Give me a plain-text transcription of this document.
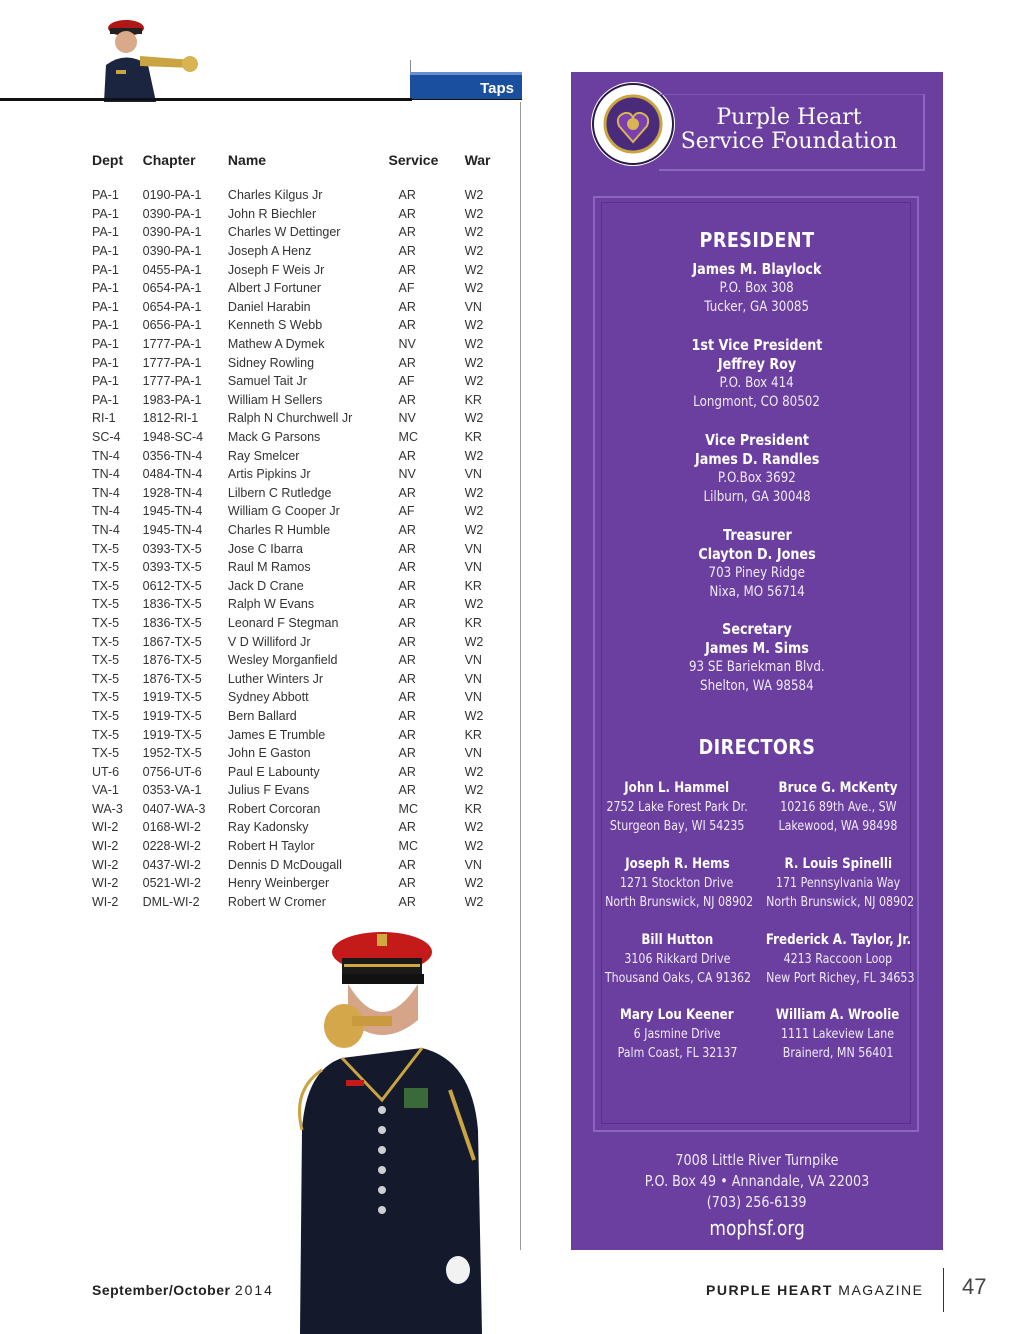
Taps
Dept	Chapter	Name	Service	War
PA-1	0190-PA-1	Charles Kilgus Jr	AR	W2
PA-1	0390-PA-1	John R Biechler	AR	W2
PA-1	0390-PA-1	Charles W Dettinger	AR	W2
PA-1	0390-PA-1	Joseph A Henz	AR	W2
PA-1	0455-PA-1	Joseph F Weis Jr	AR	W2
PA-1	0654-PA-1	Albert J Fortuner	AF	W2
PA-1	0654-PA-1	Daniel Harabin	AR	VN
PA-1	0656-PA-1	Kenneth S Webb	AR	W2
PA-1	1777-PA-1	Mathew A Dymek	NV	W2
PA-1	1777-PA-1	Sidney Rowling	AR	W2
PA-1	1777-PA-1	Samuel Tait Jr	AF	W2
PA-1	1983-PA-1	William H Sellers	AR	KR
RI-1	1812-RI-1	Ralph N Churchwell Jr	NV	W2
SC-4	1948-SC-4	Mack G Parsons	MC	KR
TN-4	0356-TN-4	Ray Smelcer	AR	W2
TN-4	0484-TN-4	Artis Pipkins Jr	NV	VN
TN-4	1928-TN-4	Lilbern C Rutledge	AR	W2
TN-4	1945-TN-4	William G Cooper Jr	AF	W2
TN-4	1945-TN-4	Charles R Humble	AR	W2
TX-5	0393-TX-5	Jose C Ibarra	AR	VN
TX-5	0393-TX-5	Raul M Ramos	AR	VN
TX-5	0612-TX-5	Jack D Crane	AR	KR
TX-5	1836-TX-5	Ralph W Evans	AR	W2
TX-5	1836-TX-5	Leonard F Stegman	AR	KR
TX-5	1867-TX-5	V D Williford Jr	AR	W2
TX-5	1876-TX-5	Wesley Morganfield	AR	VN
TX-5	1876-TX-5	Luther Winters Jr	AR	VN
TX-5	1919-TX-5	Sydney Abbott	AR	VN
TX-5	1919-TX-5	Bern Ballard	AR	W2
TX-5	1919-TX-5	James E Trumble	AR	KR
TX-5	1952-TX-5	John E Gaston	AR	VN
UT-6	0756-UT-6	Paul E Labounty	AR	W2
VA-1	0353-VA-1	Julius F Evans	AR	W2
WA-3	0407-WA-3	Robert Corcoran	MC	KR
WI-2	0168-WI-2	Ray Kadonsky	AR	W2
WI-2	0228-WI-2	Robert H Taylor	MC	W2
WI-2	0437-WI-2	Dennis D McDougall	AR	VN
WI-2	0521-WI-2	Henry Weinberger	AR	W2
WI-2	DML-WI-2	Robert W Cromer	AR	W2
Purple Heart
Service Foundation
PRESIDENT
James M. Blaylock
P.O. Box 308
Tucker, GA 30085
1st Vice President
Jeffrey Roy
P.O. Box 414
Longmont, CO 80502
Vice President
James D. Randles
P.O.Box 3692
Lilburn, GA 30048
Treasurer
Clayton D. Jones
703 Piney Ridge
Nixa, MO 56714
Secretary
James M. Sims
93 SE Bariekman Blvd.
Shelton, WA 98584
DIRECTORS
John L. Hammel
2752 Lake Forest Park Dr.
Sturgeon Bay, WI 54235
Bruce G. McKenty
10216 89th Ave., SW
Lakewood, WA 98498
Joseph R. Hems
1271 Stockton Drive
North Brunswick, NJ 08902
R. Louis Spinelli
171 Pennsylvania Way
North Brunswick, NJ 08902
Bill Hutton
3106 Rikkard Drive
Thousand Oaks, CA 91362
Frederick A. Taylor, Jr.
4213 Raccoon Loop
New Port Richey, FL 34653
Mary Lou Keener
6 Jasmine Drive
Palm Coast, FL 32137
William A. Wroolie
1111 Lakeview Lane
Brainerd, MN 56401
7008 Little River Turnpike
P.O. Box 49 • Annandale, VA 22003
(703) 256-6139
mophsf.org
September/October 2014	PURPLE HEART MAGAZINE 47
